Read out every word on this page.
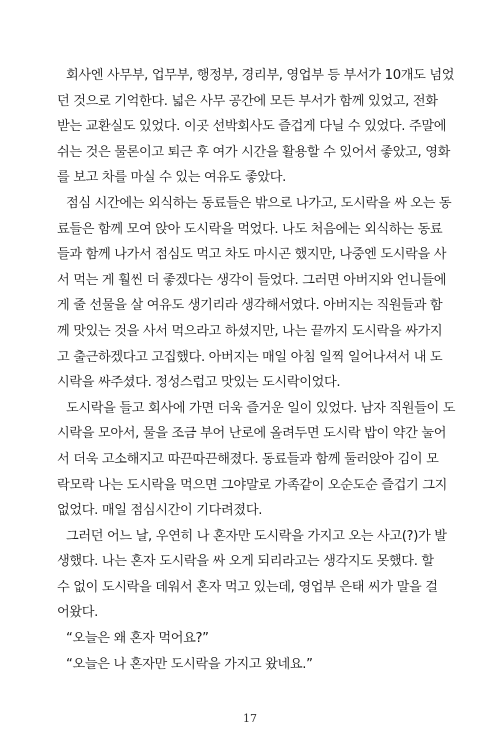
회사엔 사무부, 업무부, 행정부, 경리부, 영업부 등 부서가 10개도 넘었
던 것으로 기억한다. 넓은 사무 공간에 모든 부서가 함께 있었고, 전화
받는 교환실도 있었다. 이곳 선박회사도 즐겁게 다닐 수 있었다. 주말에
쉬는 것은 물론이고 퇴근 후 여가 시간을 활용할 수 있어서 좋았고, 영화
를 보고 차를 마실 수 있는 여유도 좋았다.
점심 시간에는 외식하는 동료들은 밖으로 나가고, 도시락을 싸 오는 동
료들은 함께 모여 앉아 도시락을 먹었다. 나도 처음에는 외식하는 동료
들과 함께 나가서 점심도 먹고 차도 마시곤 했지만, 나중엔 도시락을 사
서 먹는 게 훨씬 더 좋겠다는 생각이 들었다. 그러면 아버지와 언니들에
게 줄 선물을 살 여유도 생기리라 생각해서였다. 아버지는 직원들과 함
께 맛있는 것을 사서 먹으라고 하셨지만, 나는 끝까지 도시락을 싸가지
고 출근하겠다고 고집했다. 아버지는 매일 아침 일찍 일어나셔서 내 도
시락을 싸주셨다. 정성스럽고 맛있는 도시락이었다.
도시락을 들고 회사에 가면 더욱 즐거운 일이 있었다. 남자 직원들이 도
시락을 모아서, 물을 조금 부어 난로에 올려두면 도시락 밥이 약간 눌어
서 더욱 고소해지고 따끈따끈해졌다. 동료들과 함께 둘러앉아 김이 모
락모락 나는 도시락을 먹으면 그야말로 가족같이 오순도순 즐겁기 그지
없었다. 매일 점심시간이 기다려졌다.
그러던 어느 날, 우연히 나 혼자만 도시락을 가지고 오는 사고(?)가 발
생했다. 나는 혼자 도시락을 싸 오게 되리라고는 생각지도 못했다. 할
수 없이 도시락을 데워서 혼자 먹고 있는데, 영업부 은태 씨가 말을 걸
어왔다.
“오늘은 왜 혼자 먹어요?”
“오늘은 나 혼자만 도시락을 가지고 왔네요.”
17
